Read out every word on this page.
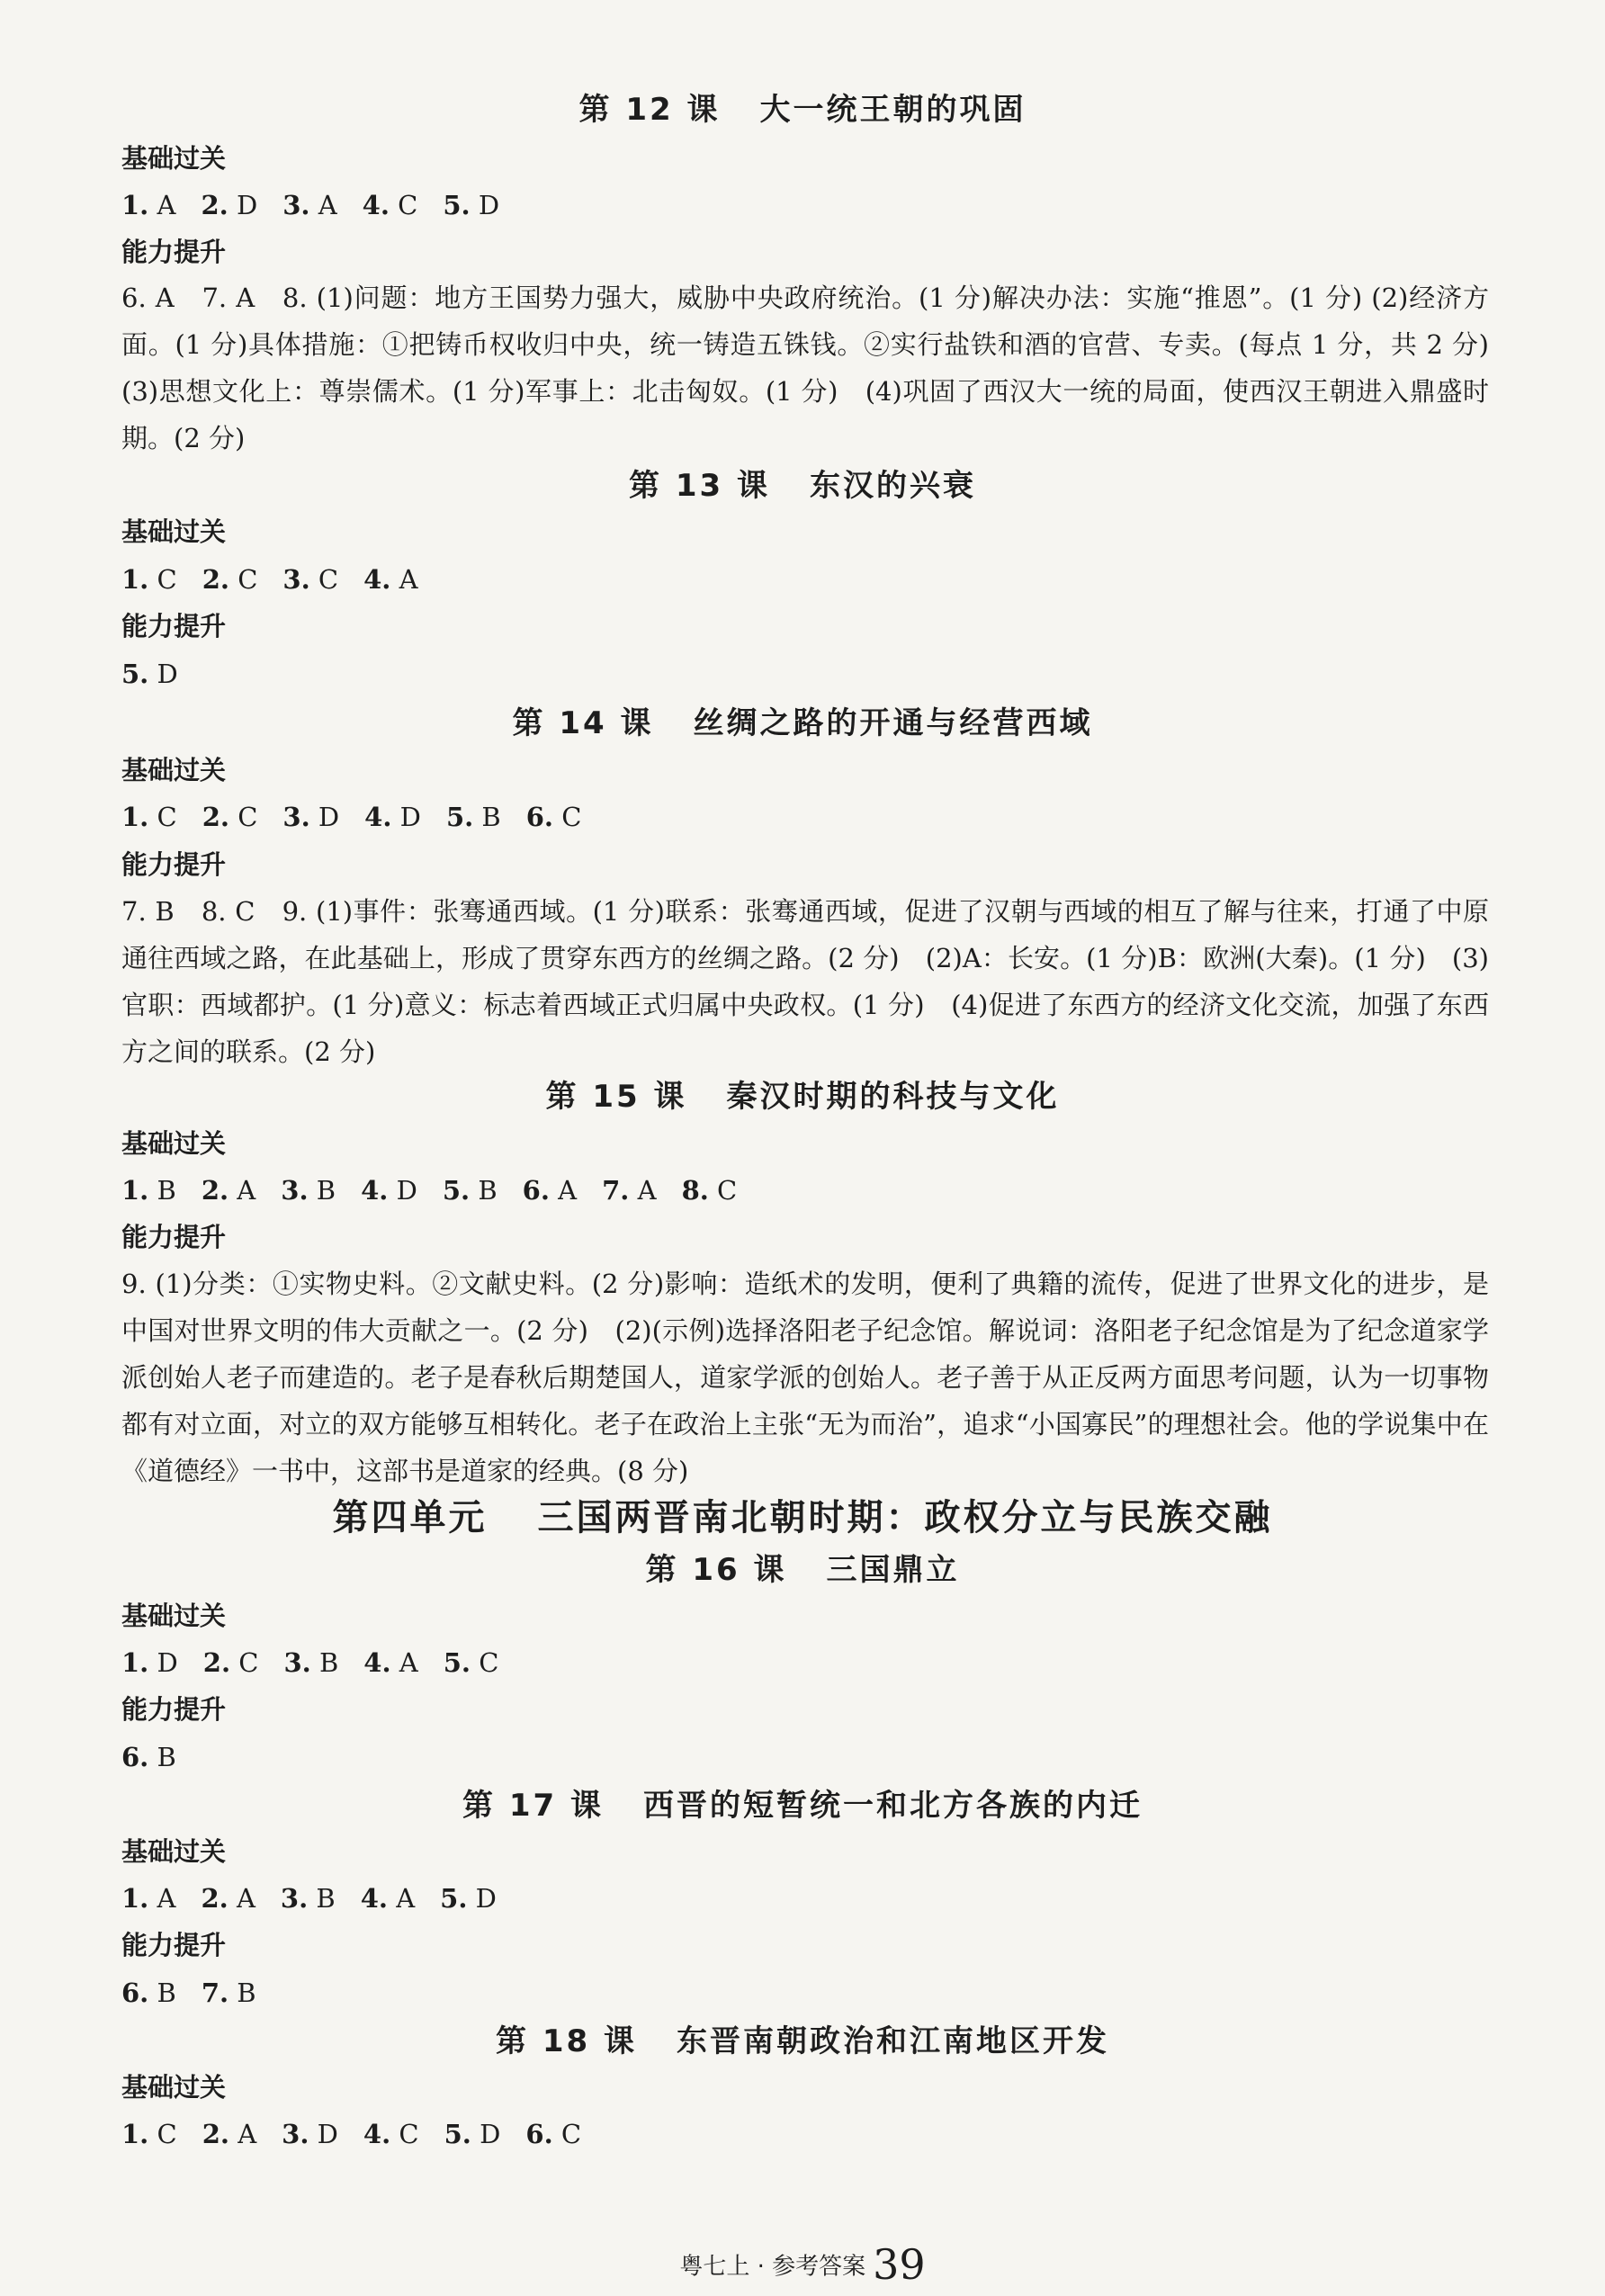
第 12 课 大一统王朝的巩固
基础过关
1. A 2. D 3. A 4. C 5. D
能力提升
6. A　7. A　8. (1)问题：地方王国势力强大，威胁中央政府统治。(1 分)解决办法：实施“推恩”。(1 分) (2)经济方面。(1 分)具体措施：①把铸币权收归中央，统一铸造五铢钱。②实行盐铁和酒的官营、专卖。(每点 1 分，共 2 分)　(3)思想文化上：尊崇儒术。(1 分)军事上：北击匈奴。(1 分)　(4)巩固了西汉大一统的局面，使西汉王朝进入鼎盛时期。(2 分)
第 13 课 东汉的兴衰
基础过关
1. C 2. C 3. C 4. A
能力提升
5. D
第 14 课 丝绸之路的开通与经营西域
基础过关
1. C 2. C 3. D 4. D 5. B 6. C
能力提升
7. B　8. C　9. (1)事件：张骞通西域。(1 分)联系：张骞通西域，促进了汉朝与西域的相互了解与往来，打通了中原通往西域之路，在此基础上，形成了贯穿东西方的丝绸之路。(2 分)　(2)A：长安。(1 分)B：欧洲(大秦)。(1 分)　(3)官职：西域都护。(1 分)意义：标志着西域正式归属中央政权。(1 分)　(4)促进了东西方的经济文化交流，加强了东西方之间的联系。(2 分)
第 15 课 秦汉时期的科技与文化
基础过关
1. B 2. A 3. B 4. D 5. B 6. A 7. A 8. C
能力提升
9. (1)分类：①实物史料。②文献史料。(2 分)影响：造纸术的发明，便利了典籍的流传，促进了世界文化的进步，是中国对世界文明的伟大贡献之一。(2 分)　(2)(示例)选择洛阳老子纪念馆。解说词：洛阳老子纪念馆是为了纪念道家学派创始人老子而建造的。老子是春秋后期楚国人，道家学派的创始人。老子善于从正反两方面思考问题，认为一切事物都有对立面，对立的双方能够互相转化。老子在政治上主张“无为而治”，追求“小国寡民”的理想社会。他的学说集中在《道德经》一书中，这部书是道家的经典。(8 分)
第四单元 三国两晋南北朝时期：政权分立与民族交融
第 16 课 三国鼎立
基础过关
1. D 2. C 3. B 4. A 5. C
能力提升
6. B
第 17 课 西晋的短暂统一和北方各族的内迁
基础过关
1. A 2. A 3. B 4. A 5. D
能力提升
6. B 7. B
第 18 课 东晋南朝政治和江南地区开发
基础过关
1. C 2. A 3. D 4. C 5. D 6. C
粤七上 · 参考答案 39
